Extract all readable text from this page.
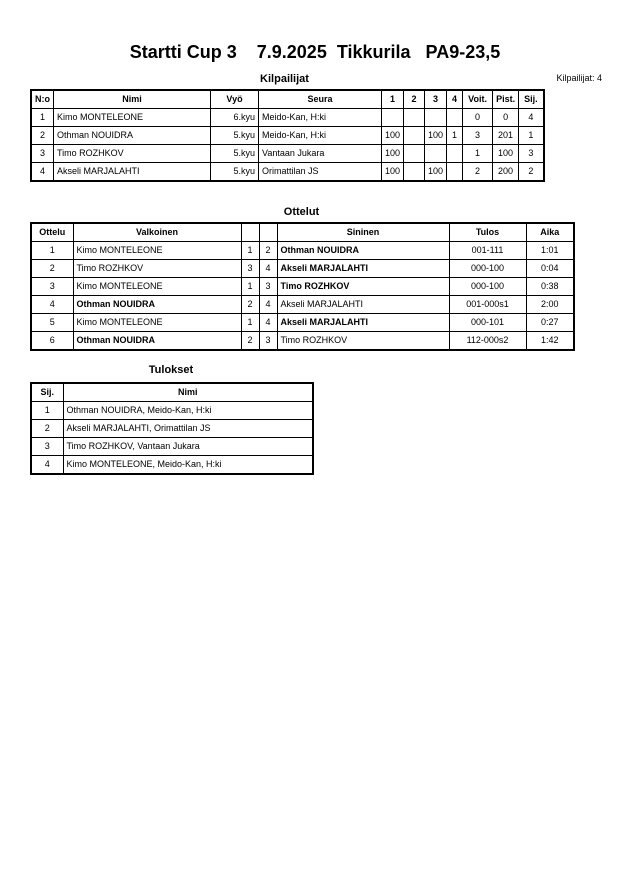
Startti Cup 3    7.9.2025  Tikkurila   PA9-23,5
Kilpailijat	Kilpailijat: 4
N:o	Nimi	Vyö	Seura	1	2	3	4	Voit.	Pist.	Sij.
1	Kimo MONTELEONE	6.kyu	Meido-Kan, H:ki					0	0	4
2	Othman NOUIDRA	5.kyu	Meido-Kan, H:ki	100		100	1	3	201	1
3	Timo ROZHKOV	5.kyu	Vantaan Jukara	100				1	100	3
4	Akseli MARJALAHTI	5.kyu	Orimattilan JS	100		100		2	200	2
Ottelut
Ottelu	Valkoinen			Sininen	Tulos	Aika
1	Kimo MONTELEONE	1	2	Othman NOUIDRA	001-111	1:01
2	Timo ROZHKOV	3	4	Akseli MARJALAHTI	000-100	0:04
3	Kimo MONTELEONE	1	3	Timo ROZHKOV	000-100	0:38
4	Othman NOUIDRA	2	4	Akseli MARJALAHTI	001-000s1	2:00
5	Kimo MONTELEONE	1	4	Akseli MARJALAHTI	000-101	0:27
6	Othman NOUIDRA	2	3	Timo ROZHKOV	112-000s2	1:42
Tulokset
Sij.	Nimi
1	Othman NOUIDRA, Meido-Kan, H:ki
2	Akseli MARJALAHTI, Orimattilan JS
3	Timo ROZHKOV, Vantaan Jukara
4	Kimo MONTELEONE, Meido-Kan, H:ki
